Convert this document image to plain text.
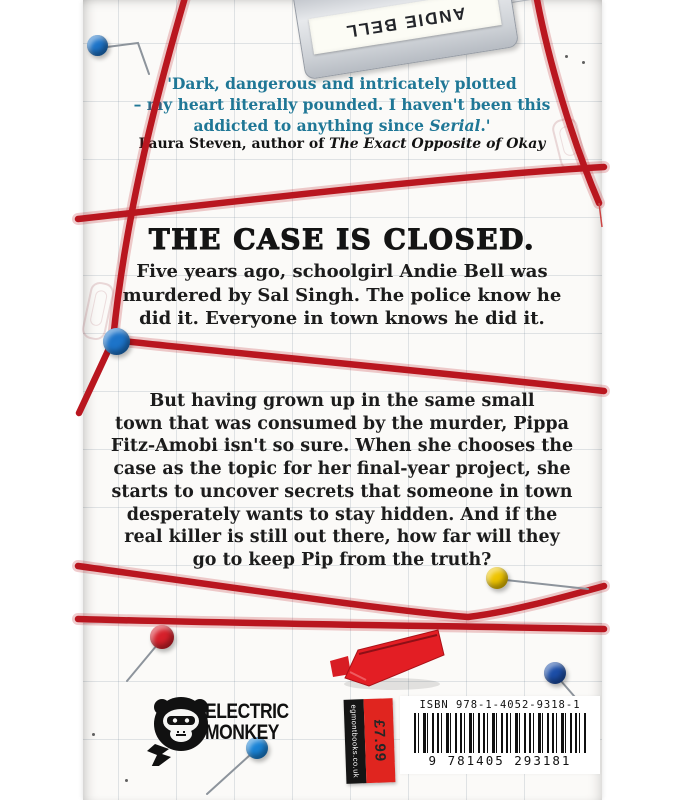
'Dark, dangerous and intricately plotted
– my heart literally pounded. I haven't been this
addicted to anything since Serial.'
Laura Steven, author of The Exact Opposite of Okay
THE CASE IS CLOSED.
Five years ago, schoolgirl Andie Bell was
murdered by Sal Singh. The police know he
did it. Everyone in town knows he did it.
But having grown up in the same small
town that was consumed by the murder, Pippa
Fitz-Amobi isn't so sure. When she chooses the
case as the topic for her final-year project, she
starts to uncover secrets that someone in town
desperately wants to stay hidden. And if the
real killer is still out there, how far will they
go to keep Pip from the truth?
ANDIE BELL
ELECTRIC
MONKEY	egmontbooks.co.uk £7.99
ISBN 978-1-4052-9318-1
9 781405 293181
